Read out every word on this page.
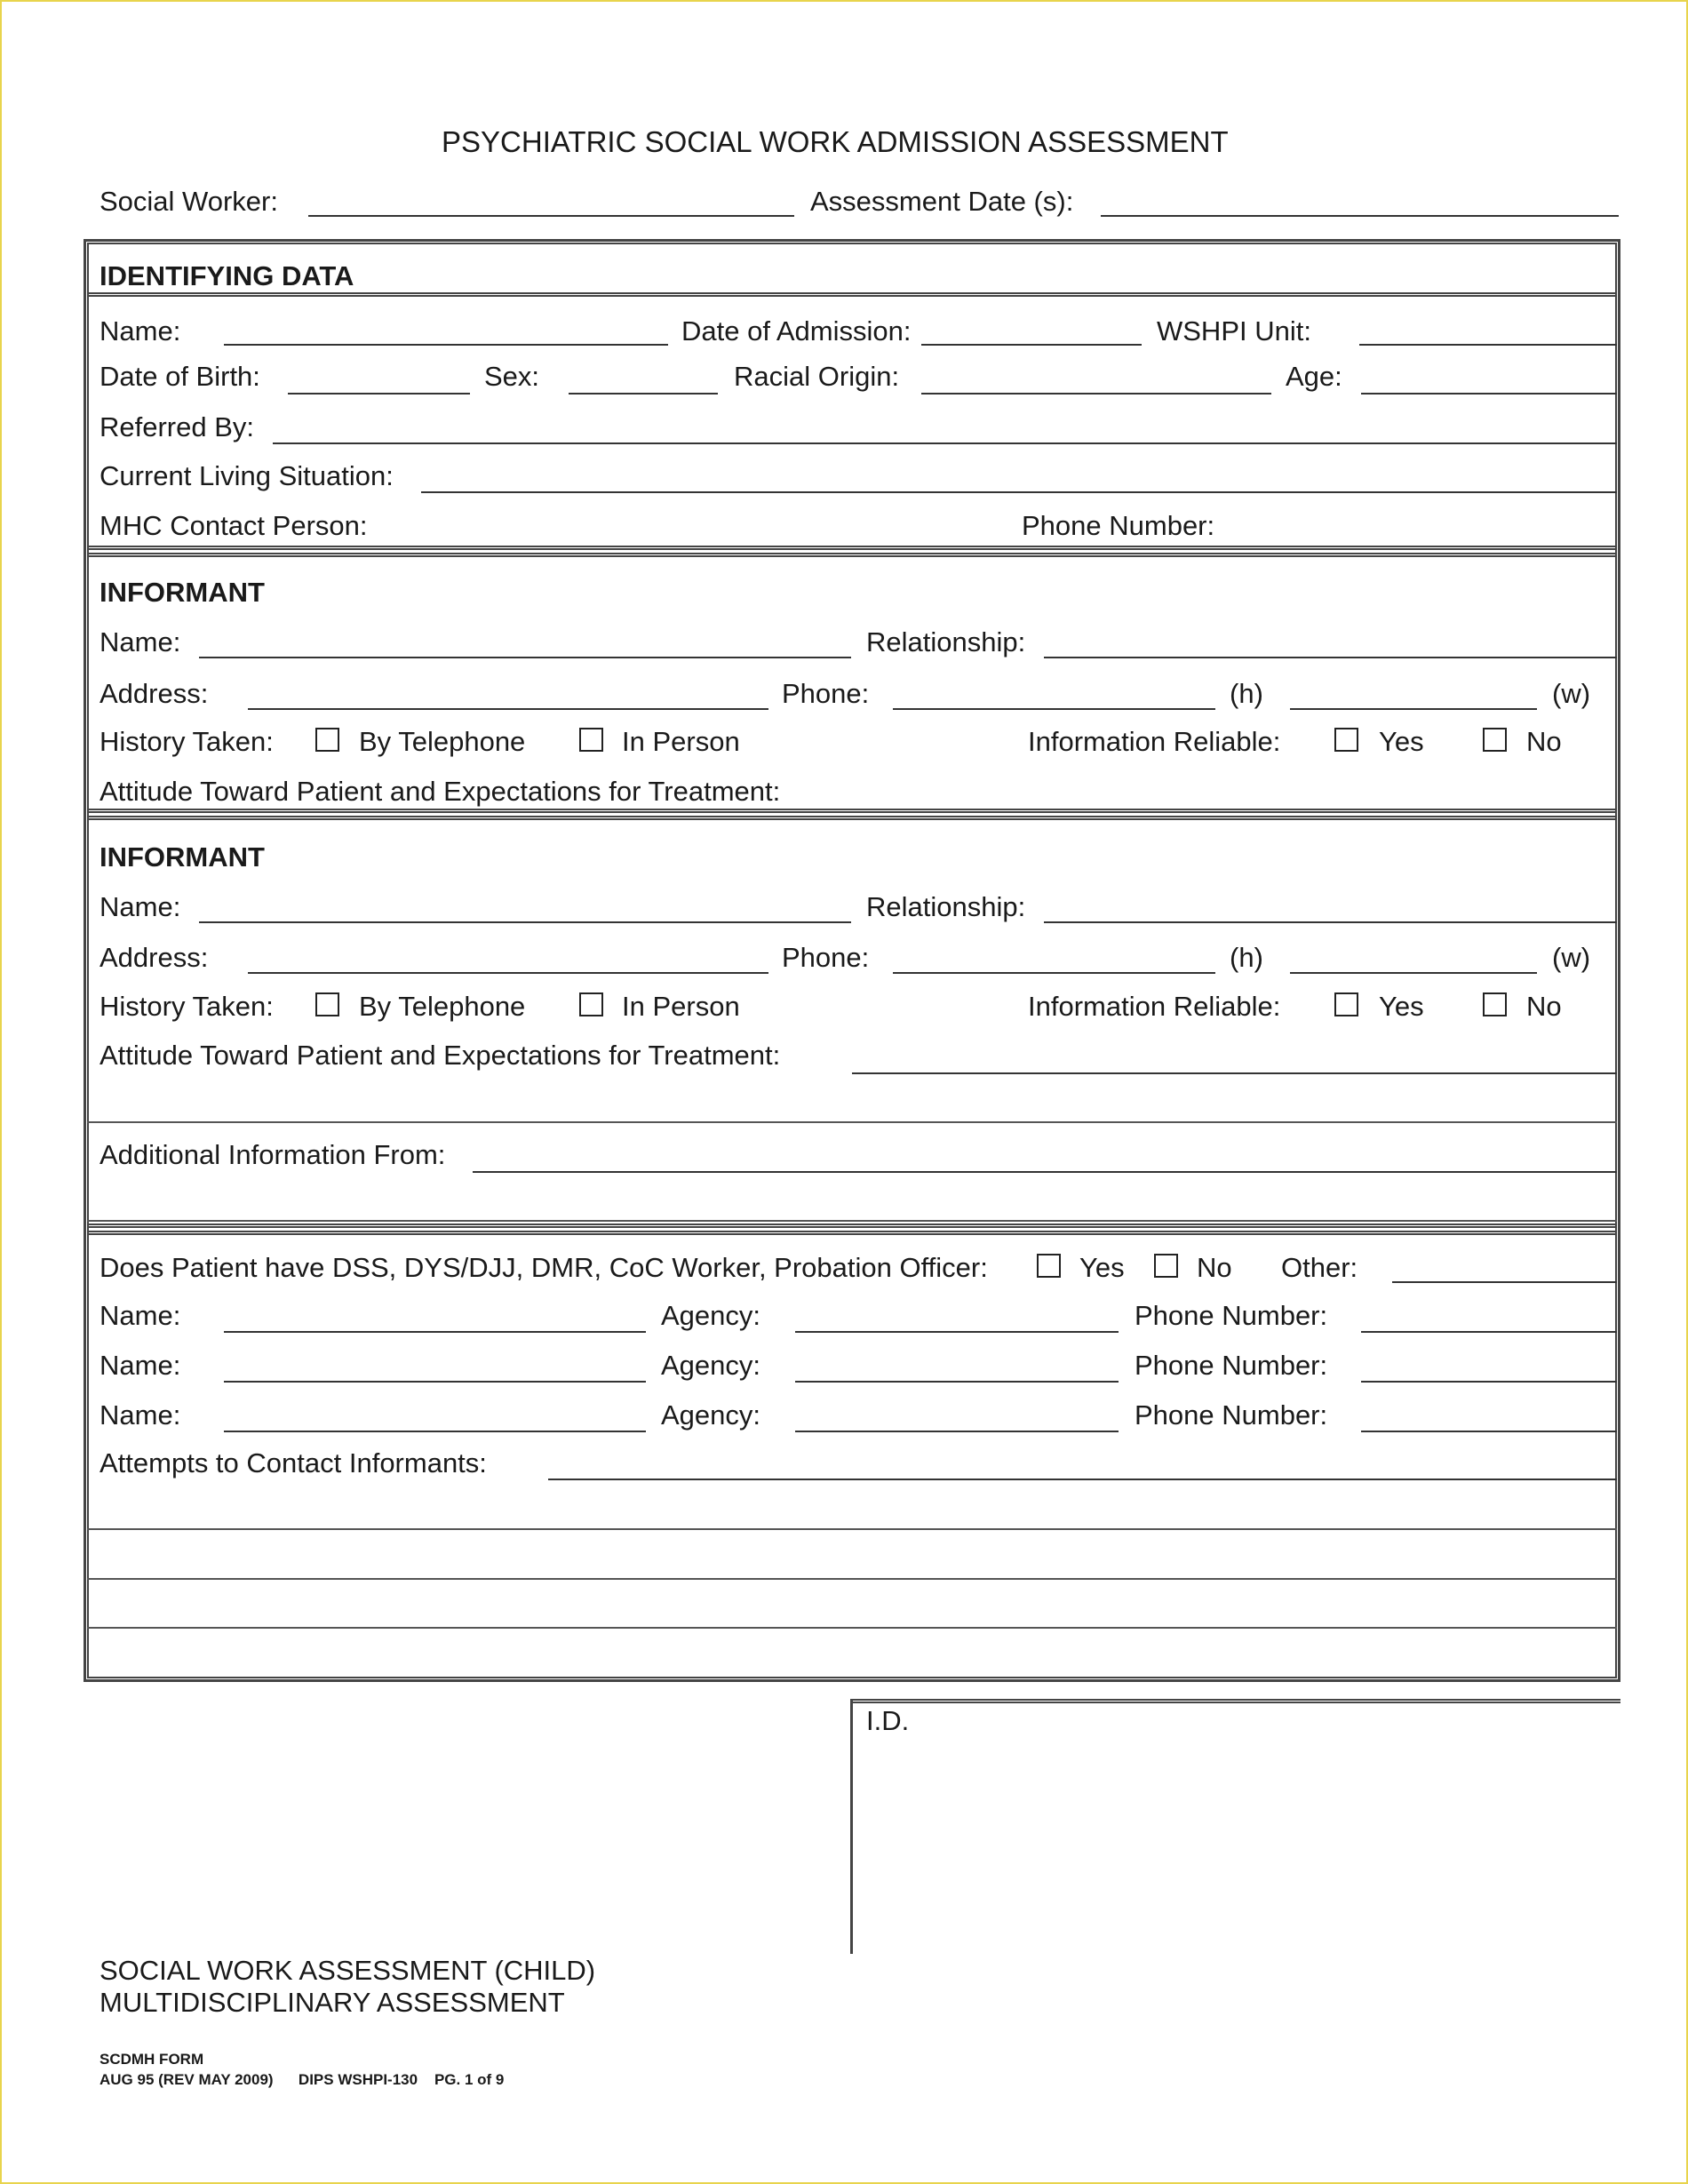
PSYCHIATRIC SOCIAL WORK ADMISSION ASSESSMENT
Social Worker:	Assessment Date (s):
IDENTIFYING DATA
Name:	Date of Admission:	WSHPI Unit:
Date of Birth:	Sex:	Racial Origin:	Age:
Referred By:
Current Living Situation:
MHC Contact Person:	Phone Number:
INFORMANT
Name:	Relationship:
Address:	Phone:	(h)	(w)
History Taken:	By Telephone	In Person	Information Reliable:	Yes	No
Attitude Toward Patient and Expectations for Treatment:
INFORMANT
Name:	Relationship:
Address:	Phone:	(h)	(w)
History Taken:	By Telephone	In Person	Information Reliable:	Yes	No
Attitude Toward Patient and Expectations for Treatment:
Additional Information From:
Does Patient have DSS, DYS/DJJ, DMR, CoC Worker, Probation Officer:	Yes	No Other:
Name:	Agency:	Phone Number:
Name:	Agency:	Phone Number:
Name:	Agency:	Phone Number:
Attempts to Contact Informants:
I.D.
SOCIAL WORK ASSESSMENT (CHILD)
MULTIDISCIPLINARY ASSESSMENT
SCDMH FORM
AUG 95 (REV MAY 2009)      DIPS WSHPI-130    PG. 1 of 9
